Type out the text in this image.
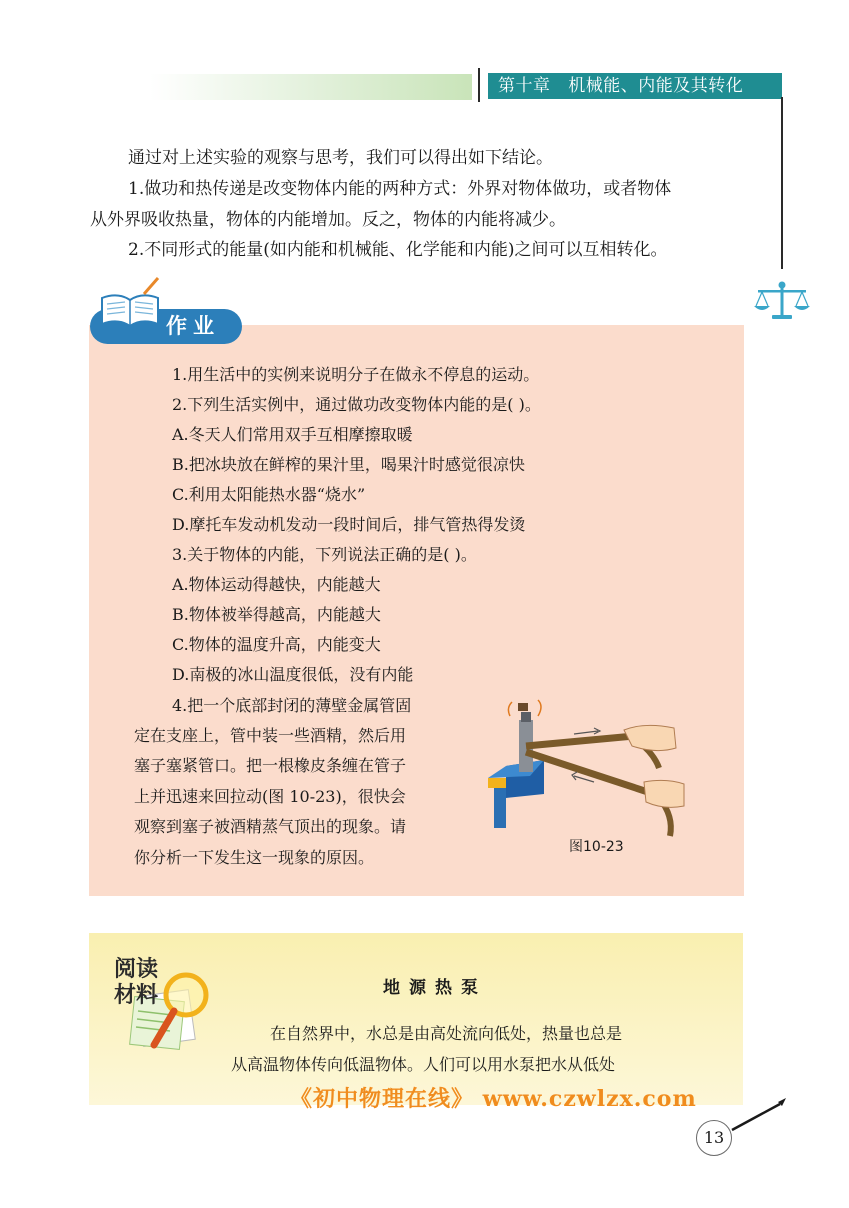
第十章   机械能、内能及其转化
通过对上述实验的观察与思考，我们可以得出如下结论。
1.做功和热传递是改变物体内能的两种方式：外界对物体做功，或者物体
从外界吸收热量，物体的内能增加。反之，物体的内能将减少。
2.不同形式的能量(如内能和机械能、化学能和内能)之间可以互相转化。
作业
1.用生活中的实例来说明分子在做永不停息的运动。
2.下列生活实例中，通过做功改变物体内能的是( )。
A.冬天人们常用双手互相摩擦取暖
B.把冰块放在鲜榨的果汁里，喝果汁时感觉很凉快
C.利用太阳能热水器“烧水”
D.摩托车发动机发动一段时间后，排气管热得发烫
3.关于物体的内能，下列说法正确的是( )。
A.物体运动得越快，内能越大
B.物体被举得越高，内能越大
C.物体的温度升高，内能变大
D.南极的冰山温度很低，没有内能
4.把一个底部封闭的薄壁金属管固
定在支座上，管中装一些酒精，然后用
塞子塞紧管口。把一根橡皮条缠在管子
上并迅速来回拉动(图 10-23)，很快会
观察到塞子被酒精蒸气顶出的现象。请
你分析一下发生这一现象的原因。
图10-23
阅读
材料	地源热泵
在自然界中，水总是由高处流向低处，热量也总是
从高温物体传向低温物体。人们可以用水泵把水从低处
《初中物理在线》 www.czwlzx.com
13
